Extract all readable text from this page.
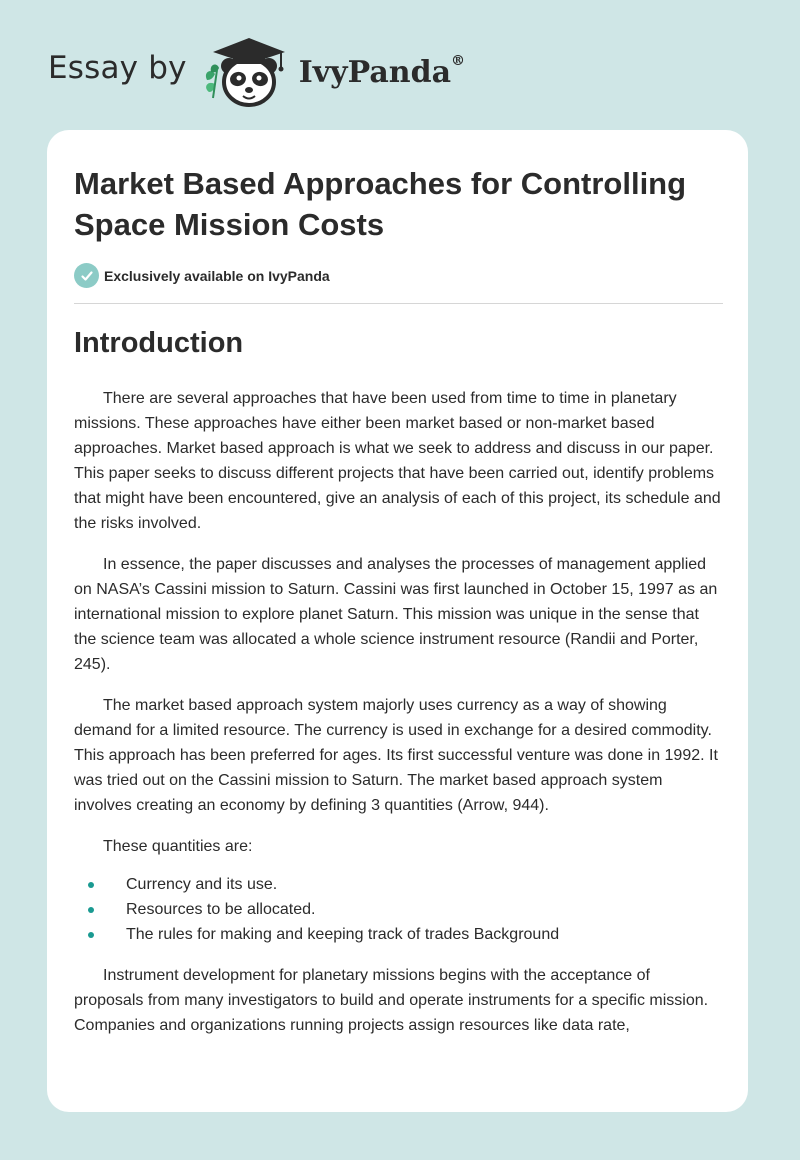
Essay by	IvyPanda®
Market Based Approaches for Controlling Space Mission Costs
Exclusively available on IvyPanda
Introduction

There are several approaches that have been used from time to time in planetary missions. These approaches have either been market based or non-market based approaches. Market based approach is what we seek to address and discuss in our paper. This paper seeks to discuss different projects that have been carried out, identify problems that might have been encountered, give an analysis of each of this project, its schedule and the risks involved.

In essence, the paper discusses and analyses the processes of management applied on NASA’s Cassini mission to Saturn. Cassini was first launched in October 15, 1997 as an international mission to explore planet Saturn. This mission was unique in the sense that the science team was allocated a whole science instrument resource (Randii and Porter, 245).

The market based approach system majorly uses currency as a way of showing demand for a limited resource. The currency is used in exchange for a desired commodity. This approach has been preferred for ages. Its first successful venture was done in 1992. It was tried out on the Cassini mission to Saturn. The market based approach system involves creating an economy by defining 3 quantities (Arrow, 944).

These quantities are:

Currency and its use.
Resources to be allocated.
The rules for making and keeping track of trades Background

Instrument development for planetary missions begins with the acceptance of proposals from many investigators to build and operate instruments for a specific mission. Companies and organizations running projects assign resources like data rate,
